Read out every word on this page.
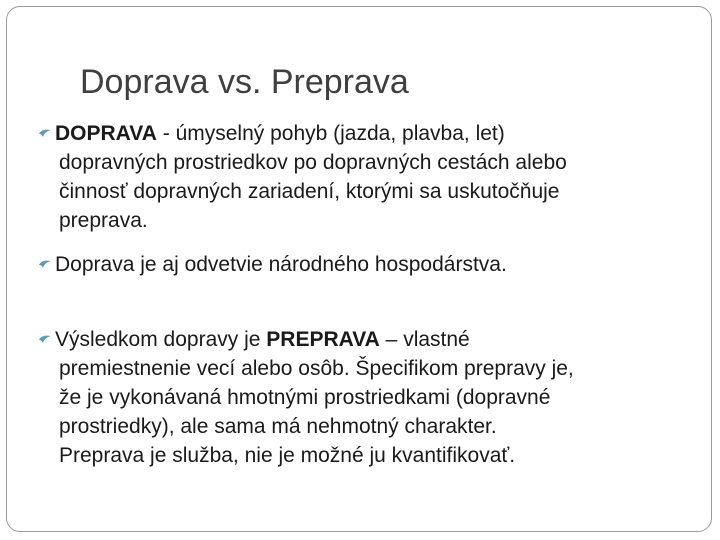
Doprava vs. Preprava

DOPRAVA - úmyselný pohyb (jazda, plavba, let)
dopravných prostriedkov po dopravných cestách alebo
činnosť dopravných zariadení, ktorými sa uskutočňuje
preprava.

Doprava je aj odvetvie národného hospodárstva.

Výsledkom dopravy je PREPRAVA – vlastné
premiestnenie vecí alebo osôb. Špecifikom prepravy je,
že je vykonávaná hmotnými prostriedkami (dopravné
prostriedky), ale sama má nehmotný charakter.
Preprava je služba, nie je možné ju kvantifikovať.
